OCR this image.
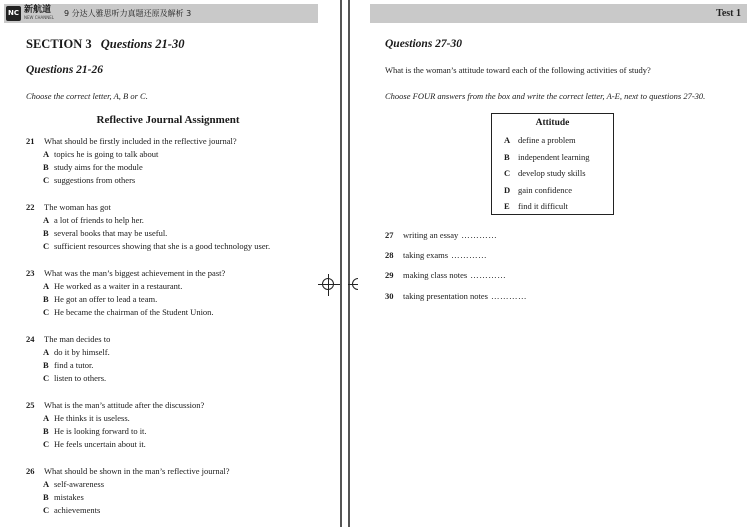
NC 新航道
NEW CHANNEL 9 分达人雅思听力真题还原及解析 3
SECTION 3 Questions 21-30
Questions 21-26
Choose the correct letter, A, B or C.
Reflective Journal Assignment
21 What should be firstly included in the reflective journal?
A topics he is going to talk about
B study aims for the module
C suggestions from others
22 The woman has got
A a lot of friends to help her.
B several books that may be useful.
C sufficient resources showing that she is a good technology user.
23 What was the man’s biggest achievement in the past?
A He worked as a waiter in a restaurant.
B He got an offer to lead a team.
C He became the chairman of the Student Union.
24 The man decides to
A do it by himself.
B find a tutor.
C listen to others.
25 What is the man’s attitude after the discussion?
A He thinks it is useless.
B He is looking forward to it.
C He feels uncertain about it.
26 What should be shown in the man’s reflective journal?
A self-awareness
B mistakes
C achievements
Test 1
Questions 27-30
What is the woman’s attitude toward each of the following activities of study?
Choose FOUR answers from the box and write the correct letter, A-E, next to questions 27-30.
Attitude
A define a problem
B independent learning
C develop study skills
D gain confidence
E find it difficult
27 writing an essay …………
28 taking exams …………
29 making class notes …………
30 taking presentation notes …………
